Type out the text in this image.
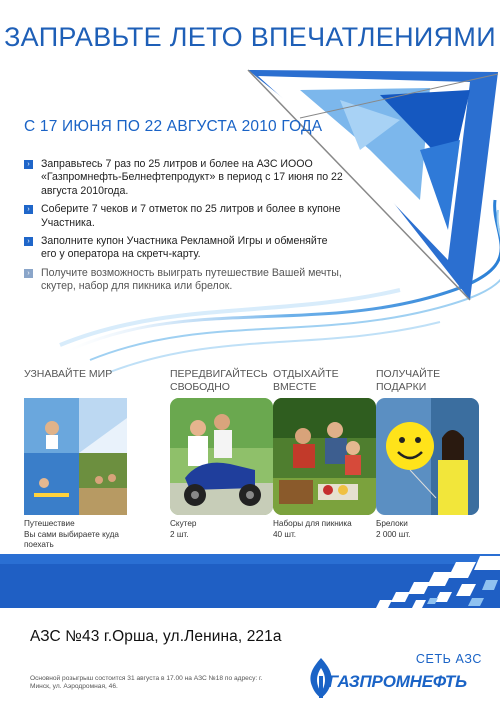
ЗАПРАВЬТЕ ЛЕТО ВПЕЧАТЛЕНИЯМИ
С 17 ИЮНЯ ПО 22 АВГУСТА 2010 ГОДА
›	Заправьтесь 7 раз по 25 литров и более на АЗС ИООО «Газпромнефть-Белнефтепродукт» в период с 17 июня по 22 августа 2010года.
›	Соберите 7 чеков и 7 отметок по 25 литров и более в купоне Участника.
›	Заполните купон Участника Рекламной Игры и обменяйте его у оператора на скретч-карту.
›	Получите возможность выиграть путешествие Вашей мечты, скутер, набор для пикника или брелок.
УЗНАВАЙТЕ МИР
Путешествие
Вы сами выбираете куда поехать
ПЕРЕДВИГАЙТЕСЬ СВОБОДНО
Скутер
2 шт.
ОТДЫХАЙТЕ ВМЕСТЕ
Наборы для пикника
40 шт.
ПОЛУЧАЙТЕ ПОДАРКИ
Брелоки
2 000 шт.
АЗС №43 г.Орша, ул.Ленина, 221а
Основной розыгрыш состоится 31 августа в 17.00 на АЗС №18 по адресу: г. Минск, ул. Аэродромная, 46.
СЕТЬ АЗС
ГАЗПРОМНЕФТЬ
